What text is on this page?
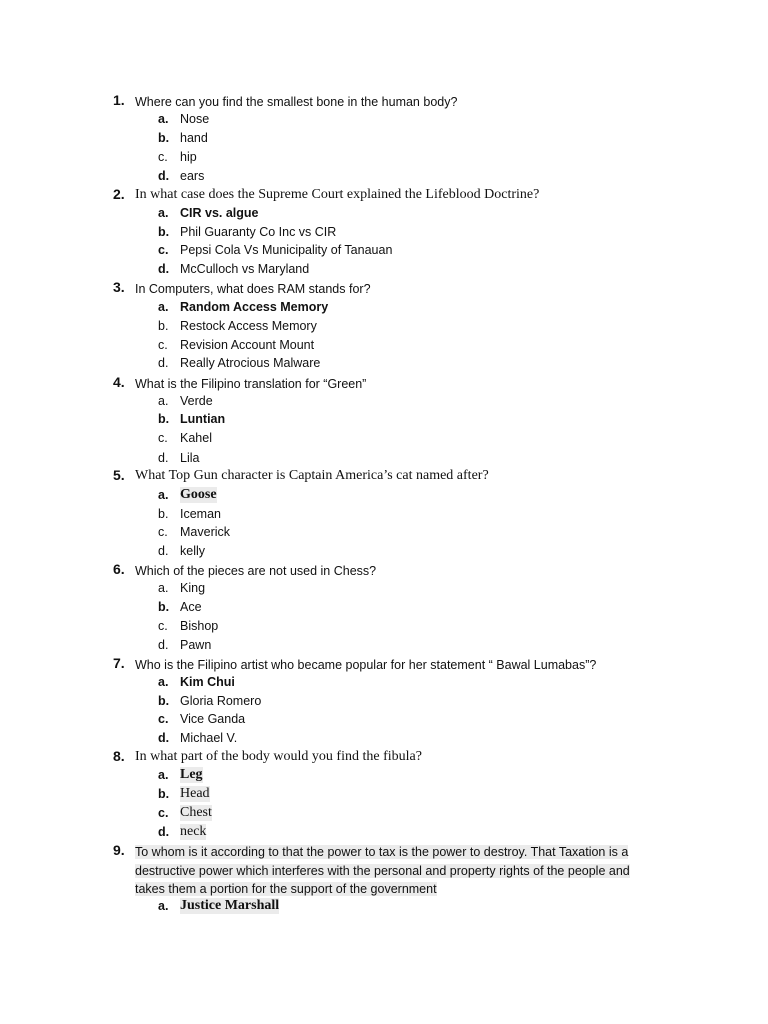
1. Where can you find the smallest bone in the human body?
a. Nose
b. hand
c. hip
d. ears
2. In what case does the Supreme Court explained the Lifeblood Doctrine?
a. CIR vs. algue
b. Phil Guaranty Co Inc vs CIR
c. Pepsi Cola Vs Municipality of Tanauan
d. McCulloch vs Maryland
3. In Computers, what does RAM stands for?
a. Random Access Memory
b. Restock Access Memory
c. Revision Account Mount
d. Really Atrocious Malware
4. What is the Filipino translation for “Green”
a. Verde
b. Luntian
c. Kahel
d. Lila
5. What Top Gun character is Captain America’s cat named after?
a. Goose
b. Iceman
c. Maverick
d. kelly
6. Which of the pieces are not used in Chess?
a. King
b. Ace
c. Bishop
d. Pawn
7. Who is the Filipino artist who became popular for her statement “ Bawal Lumabas”?
a. Kim Chui
b. Gloria Romero
c. Vice Ganda
d. Michael V.
8. In what part of the body would you find the fibula?
a. Leg
b. Head
c. Chest
d. neck
9. To whom is it according to that the power to tax is the power to destroy. That Taxation is a
destructive power which interferes with the personal and property rights of the people and
takes them a portion for the support of the government
a. Justice Marshall
